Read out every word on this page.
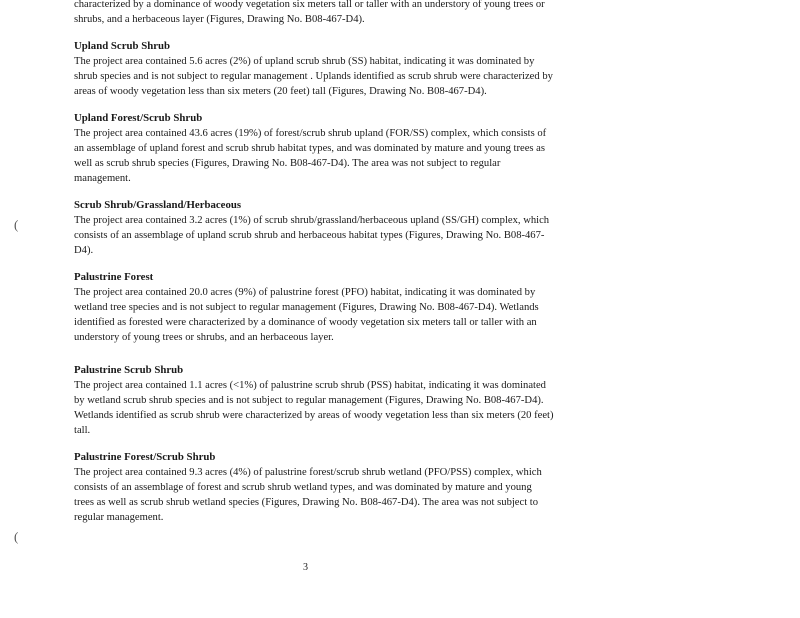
characterized by a dominance of woody vegetation six meters tall or taller with an understory of young trees or shrubs, and a herbaceous layer (Figures, Drawing No. B08-467-D4).

Upland Scrub Shrub

The project area contained 5.6 acres (2%) of upland scrub shrub (SS) habitat, indicating it was dominated by shrub species and is not subject to regular management . Uplands identified as scrub shrub were characterized by areas of woody vegetation less than six meters (20 feet) tall (Figures, Drawing No. B08-467-D4).

Upland Forest/Scrub Shrub

The project area contained 43.6 acres (19%) of forest/scrub shrub upland (FOR/SS) complex, which consists of an assemblage of upland forest and scrub shrub habitat types, and was dominated by mature and young trees as well as scrub shrub species (Figures, Drawing No. B08-467-D4). The area was not subject to regular management.

Scrub Shrub/Grassland/Herbaceous

The project area contained 3.2 acres (1%) of scrub shrub/grassland/herbaceous upland (SS/GH) complex, which consists of an assemblage of upland scrub shrub and herbaceous habitat types (Figures, Drawing No. B08-467-D4).

Palustrine Forest

The project area contained 20.0 acres (9%) of palustrine forest (PFO) habitat, indicating it was dominated by wetland tree species and is not subject to regular management (Figures, Drawing No. B08-467-D4). Wetlands identified as forested were characterized by a dominance of woody vegetation six meters tall or taller with an understory of young trees or shrubs, and an herbaceous layer.

Palustrine Scrub Shrub

The project area contained 1.1 acres (<1%) of palustrine scrub shrub (PSS) habitat, indicating it was dominated by wetland scrub shrub species and is not subject to regular management (Figures, Drawing No. B08-467-D4). Wetlands identified as scrub shrub were characterized by areas of woody vegetation less than six meters (20 feet) tall.

Palustrine Forest/Scrub Shrub

The project area contained 9.3 acres (4%) of palustrine forest/scrub shrub wetland (PFO/PSS) complex, which consists of an assemblage of forest and scrub shrub wetland types, and was dominated by mature and young trees as well as scrub shrub wetland species (Figures, Drawing No. B08-467-D4). The area was not subject to regular management.

3
(
(
